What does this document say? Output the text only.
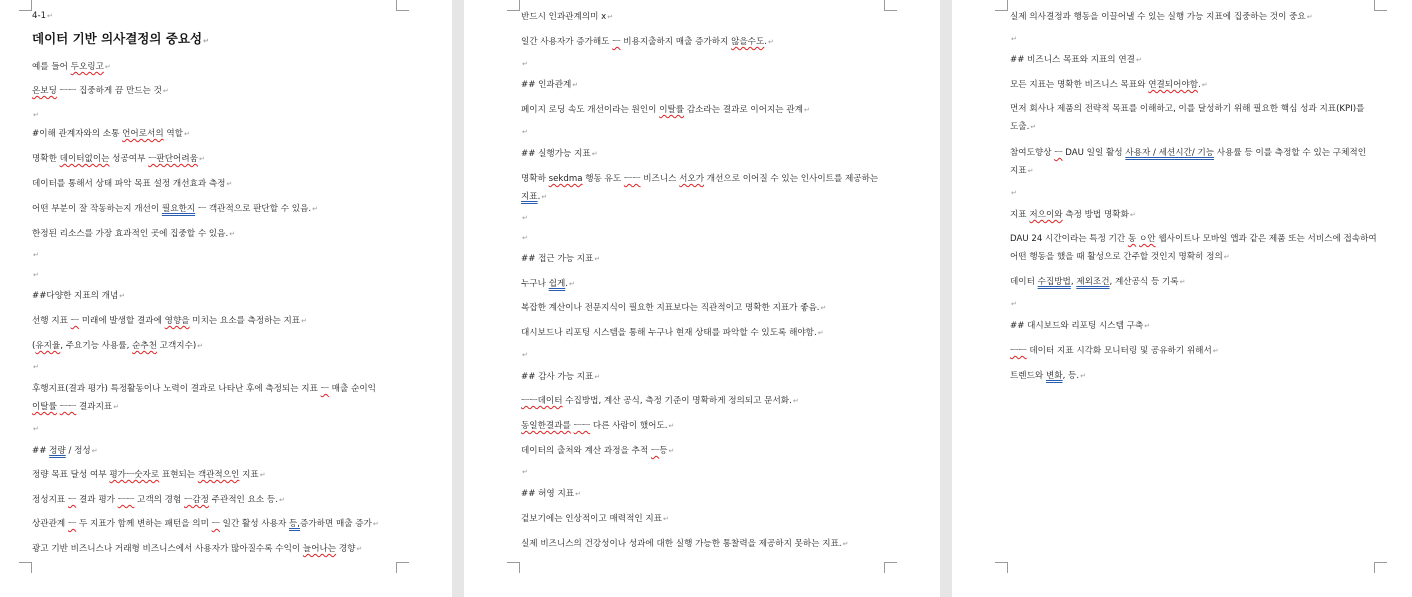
4-1↵
데이터 기반 의사결정의 중요성↵
예를 들어 두오링고↵
온보딩 ㅡㅡ 집중하게 끔 만드는 것↵
↵
#이해 관계자와의 소통 언어로서의 역할↵
명확한 데이터없이는 성공여부 ㅡ판단어려움↵
데이터를 통해서 상태 파악 목표 설정 개선효과 측정↵
어떤 부분이 잘 작동하는지 개선이 필요한지 ㅡ 객관적으로 판단할 수 있음.↵
한정된 리소스를 가장 효과적인 곳에 집중할 수 있음.↵
↵
↵
##다양한 지표의 개념↵
선행 지표 ㅡ 미래에 발생할 결과에 영향을 미치는 요소를 측정하는 지표↵
(유지율, 주요기능 사용률, 순추천 고객지수)↵
↵
후행지표(결과 평가) 특정활동이나 노력이 결과로 나타난 후에 측정되는 지표 ㅡ 매출 순이익
이탈률 ㅡㅡ 결과지표↵
↵
## 정량 / 정성↵
정량 목표 달성 여부 평가ㅡ숫자로 표현되는 객관적으인 지표↵
정성지표 ㅡ 결과 평가 ㅡㅡ 고객의 경험 ㅡ감정 주관적인 요소 등.↵
상관관계 ㅡ 두 지표가 함께 변하는 패턴을 의미 ㅡ 일간 활성 사용자 등,증가하면 매출 증가↵
광고 기반 비즈니스나 거래형 비즈니스에서 사용자가 많아질수록 수익이 늘어나는 경향↵
반드시 인과관계의미 x↵
일간 사용자가 증가해도 ㅡ 비용지출하지 매출 증가하지 않을수도.↵
↵
## 인과관계↵
페이지 로딩 속도 개선이라는 원인이 이탈률 감소라는 결과로 이어지는 관계↵
↵
## 실행가능 지표↵
명확하 sekdma 행동 유도 ㅡㅡ 비즈니스 서오가 개선으로 이어질 수 있는 인사이트를 제공하는
지표.↵
↵
↵
## 접근 가능 지표↵
누구나 쉽게.↵
복잡한 계산이나 전문지식이 필요한 지표보다는 직관적이고 명확한 지표가 좋음.↵
대시보드나 리포팅 시스템을 통해 누구나 현재 상태를 파악할 수 있도록 해야함.↵
↵
## 감사 가능 지표↵
ㅡㅡ데이터 수집방법, 계산 공식, 측정 기준이 명확하게 정의되고 문서화.↵
동일한결과를 ㅡㅡ 다른 사람이 했어도.↵
데이터의 출처와 계산 과정을 추적 ㅡ등↵
↵
## 허영 지표↵
겉보기에는 인상적이고 매력적인 지표↵
실제 비즈니스의 건강성이나 성과에 대한 실행 가능한 통찰력을 제공하지 못하는 지표.↵
실제 의사결정과 행동을 이끌어낼 수 있는 실행 가능 지표에 집중하는 것이 중요↵
↵
## 비즈니스 목표와 지표의 연결↵
모든 지표는 명확한 비즈니스 목표와 연결되어야함.↵
먼저 회사나 제품의 전략적 목표를 이해하고, 이를 달성하기 위해 필요한 핵심 성과 지표(KPI)를
도출.↵
참여도향상 ㅡ DAU 일일 활성 사용자 / 세션시간/ 기능 사용률 등 이를 측정할 수 있는 구체적인
지표↵
↵
지표 저으이와 측정 방법 명확화↵
DAU 24 시간이라는 특정 기간 동 ㅇ안 웹사이트나 모바일 앱과 같은 제품 또는 서비스에 접속하여
어떤 행동을 했을 때 활성으로 간주할 것인지 명확히 정의↵
데이터 수집방법, 제외조건, 계산공식 등 기록↵
↵
## 대시보드와 리포팅 시스템 구축↵
ㅡㅡ 데이터 지표 시각화 모니터링 및 공유하기 위해서↵
트렌드와 변화, 등.↵
